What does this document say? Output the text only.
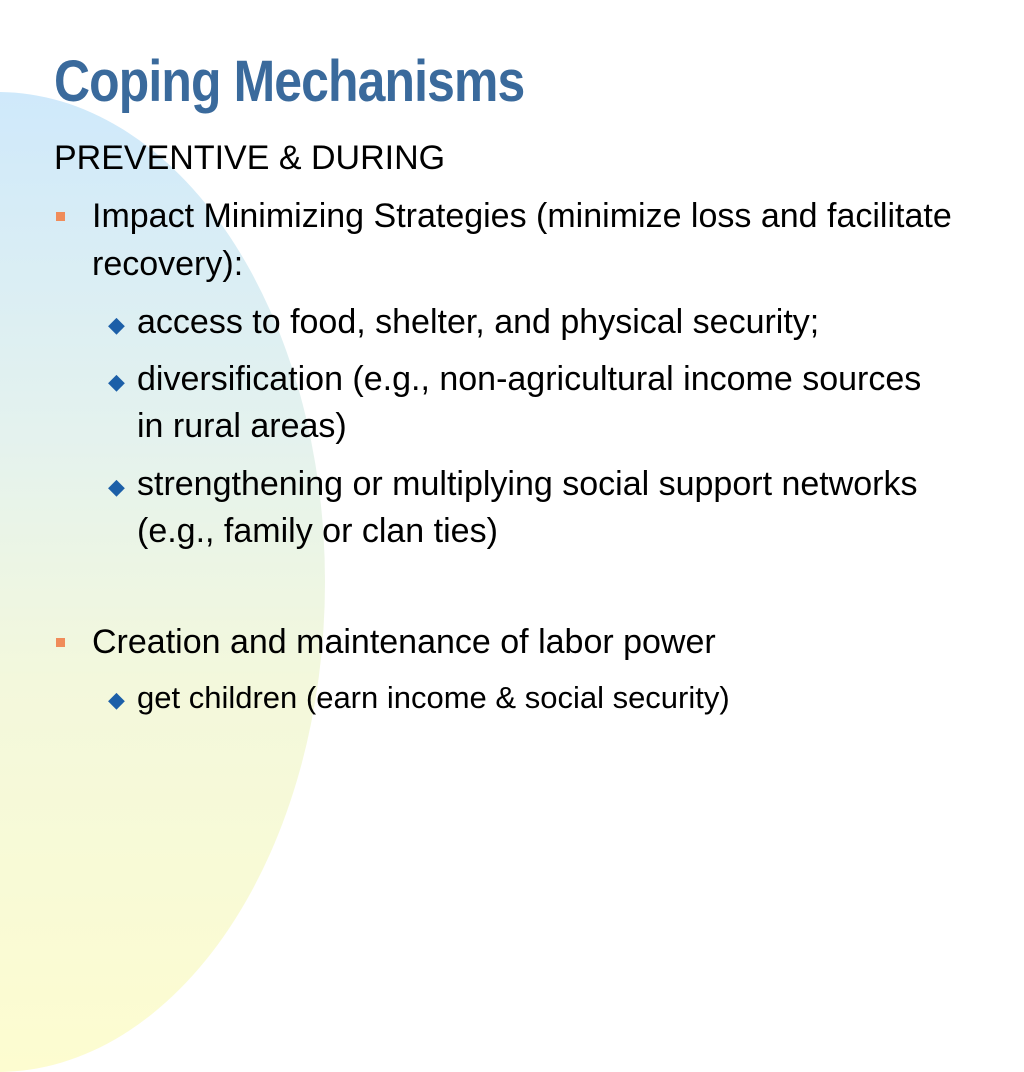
Coping Mechanisms
PREVENTIVE & DURING
Impact Minimizing Strategies (minimize loss and facilitate recovery):
◆ access to food, shelter, and physical security;
◆ diversification (e.g., non-agricultural income sources in rural areas)
◆ strengthening or multiplying social support networks (e.g., family or clan ties)
Creation and maintenance of labor power
◆ get children (earn income & social security)
